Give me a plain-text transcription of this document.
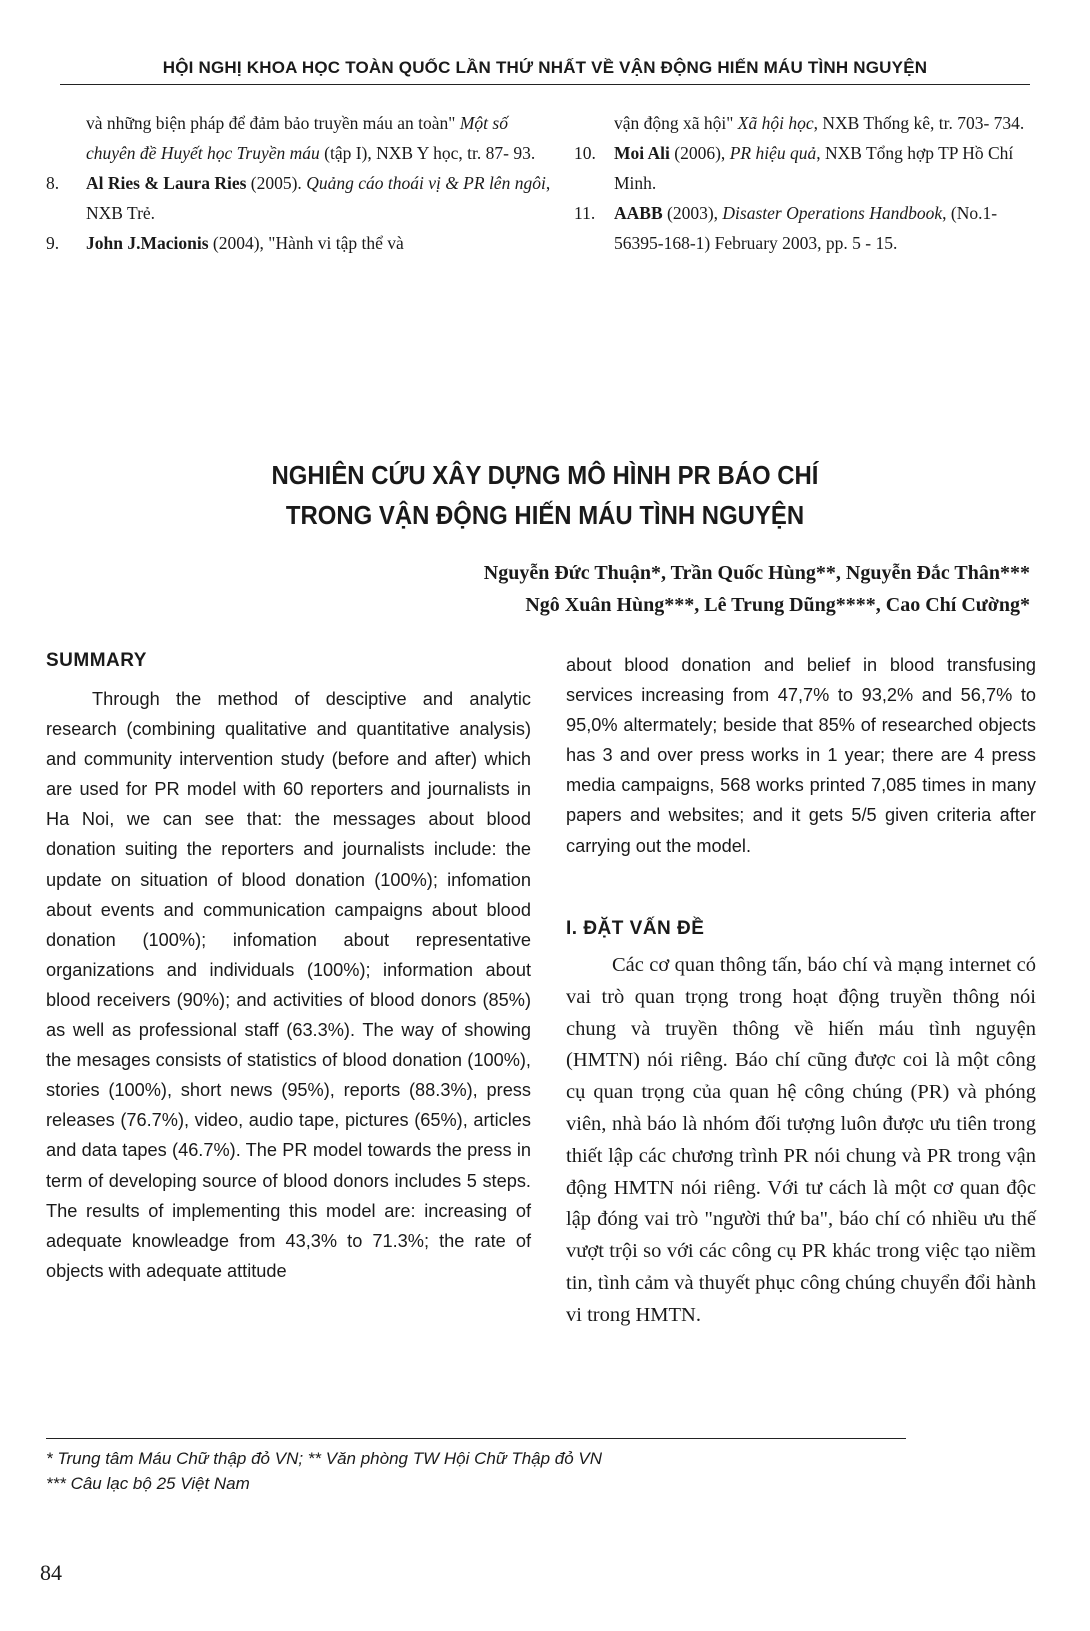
HỘI NGHỊ KHOA HỌC TOÀN QUỐC LẦN THỨ NHẤT VỀ VẬN ĐỘNG HIẾN MÁU TÌNH NGUYỆN

và những biện pháp để đảm bảo truyền máu an toàn" Một số chuyên đề Huyết học Truyền máu (tập I), NXB Y học, tr. 87- 93.

8.	Al Ries & Laura Ries (2005). Quảng cáo thoái vị & PR lên ngôi, NXB Trẻ.

9.	John J.Macionis (2004), "Hành vi tập thể và

vận động xã hội" Xã hội học, NXB Thống kê, tr. 703- 734.

10.	Moi Ali (2006), PR hiệu quả, NXB Tổng hợp TP Hồ Chí Minh.

11.	AABB (2003), Disaster Operations Handbook, (No.1-56395-168-1) February 2003, pp. 5 - 15.

NGHIÊN CỨU XÂY DỰNG MÔ HÌNH PR BÁO CHÍ
TRONG VẬN ĐỘNG HIẾN MÁU TÌNH NGUYỆN
Nguyễn Đức Thuận*, Trần Quốc Hùng**, Nguyễn Đắc Thân***
Ngô Xuân Hùng***, Lê Trung Dũng****, Cao Chí Cường*
SUMMARY
Through the method of desciptive and analytic research (combining qualitative and quantitative analysis) and community intervention study (before and after) which are used for PR model with 60 reporters and journalists in Ha Noi, we can see that: the messages about blood donation suiting the reporters and journalists include: the update on situation of blood donation (100%); infomation about events and communication campaigns about blood donation (100%); infomation about representative organizations and individuals (100%); information about blood receivers (90%); and activities of blood donors (85%) as well as professional staff (63.3%). The way of showing the mesages consists of statistics of blood donation (100%), stories (100%), short news (95%), reports (88.3%), press releases (76.7%), video, audio tape, pictures (65%), articles and data tapes (46.7%). The PR model towards the press in term of developing source of blood donors includes 5 steps. The results of implementing this model are: increasing of adequate knowleadge from 43,3% to 71.3%; the rate of objects with adequate attitude
about blood donation and belief in blood transfusing services increasing from 47,7% to 93,2% and 56,7% to 95,0% altermately; beside that 85% of researched objects has 3 and over press works in 1 year; there are 4 press media campaigns, 568 works printed 7,085 times in many papers and websites; and it gets 5/5 given criteria after carrying out the model.
I. ĐẶT VẤN ĐỀ
Các cơ quan thông tấn, báo chí và mạng internet có vai trò quan trọng trong hoạt động truyền thông nói chung và truyền thông về hiến máu tình nguyện (HMTN) nói riêng. Báo chí cũng được coi là một công cụ quan trọng của quan hệ công chúng (PR) và phóng viên, nhà báo là nhóm đối tượng luôn được ưu tiên trong thiết lập các chương trình PR nói chung và PR trong vận động HMTN nói riêng. Với tư cách là một cơ quan độc lập đóng vai trò "người thứ ba", báo chí có nhiều ưu thế vượt trội so với các công cụ PR khác trong việc tạo niềm tin, tình cảm và thuyết phục công chúng chuyển đổi hành vi trong HMTN.
* Trung tâm Máu Chữ thập đỏ VN; ** Văn phòng TW Hội Chữ Thập đỏ VN
*** Câu lạc bộ 25 Việt Nam
84
